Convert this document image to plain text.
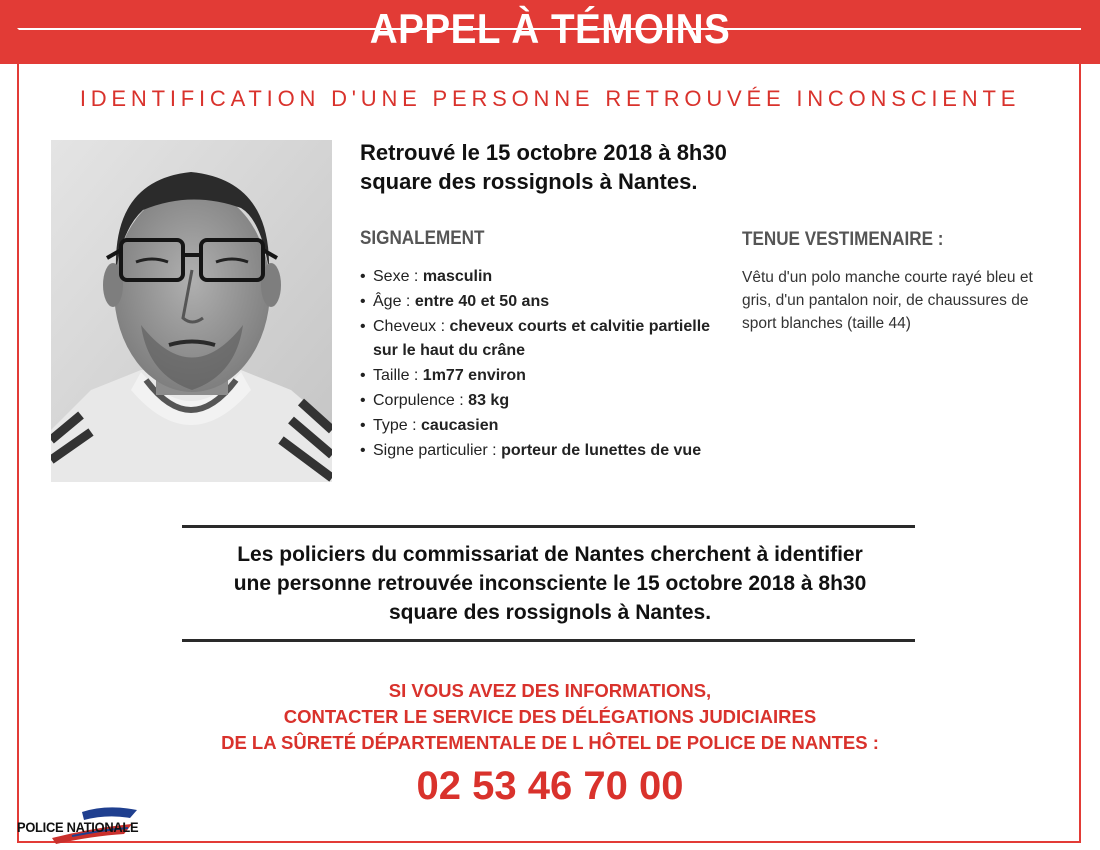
APPEL À TÉMOINS
IDENTIFICATION D'UNE PERSONNE RETROUVÉE INCONSCIENTE
Retrouvé le 15 octobre 2018 à 8h30
square des rossignols à Nantes.
SIGNALEMENT	TENUE VESTIMENAIRE :
• Sexe : masculin
• Âge : entre 40 et 50 ans
• Cheveux : cheveux courts et calvitie partielle sur le haut du crâne
• Taille : 1m77 environ
• Corpulence : 83 kg
• Type : caucasien
• Signe particulier : porteur de lunettes de vue
Vêtu d'un polo manche courte rayé bleu et gris, d'un pantalon noir, de chaussures de sport blanches (taille 44)
Les policiers du commissariat de Nantes cherchent à identifier
une personne retrouvée inconsciente le 15 octobre 2018 à 8h30
square des rossignols à Nantes.
SI VOUS AVEZ DES INFORMATIONS,
CONTACTER LE SERVICE DES DÉLÉGATIONS JUDICIAIRES
DE LA SÛRETÉ DÉPARTEMENTALE DE L HÔTEL DE POLICE DE NANTES :
02 53 46 70 00
POLICE NATIONALE
